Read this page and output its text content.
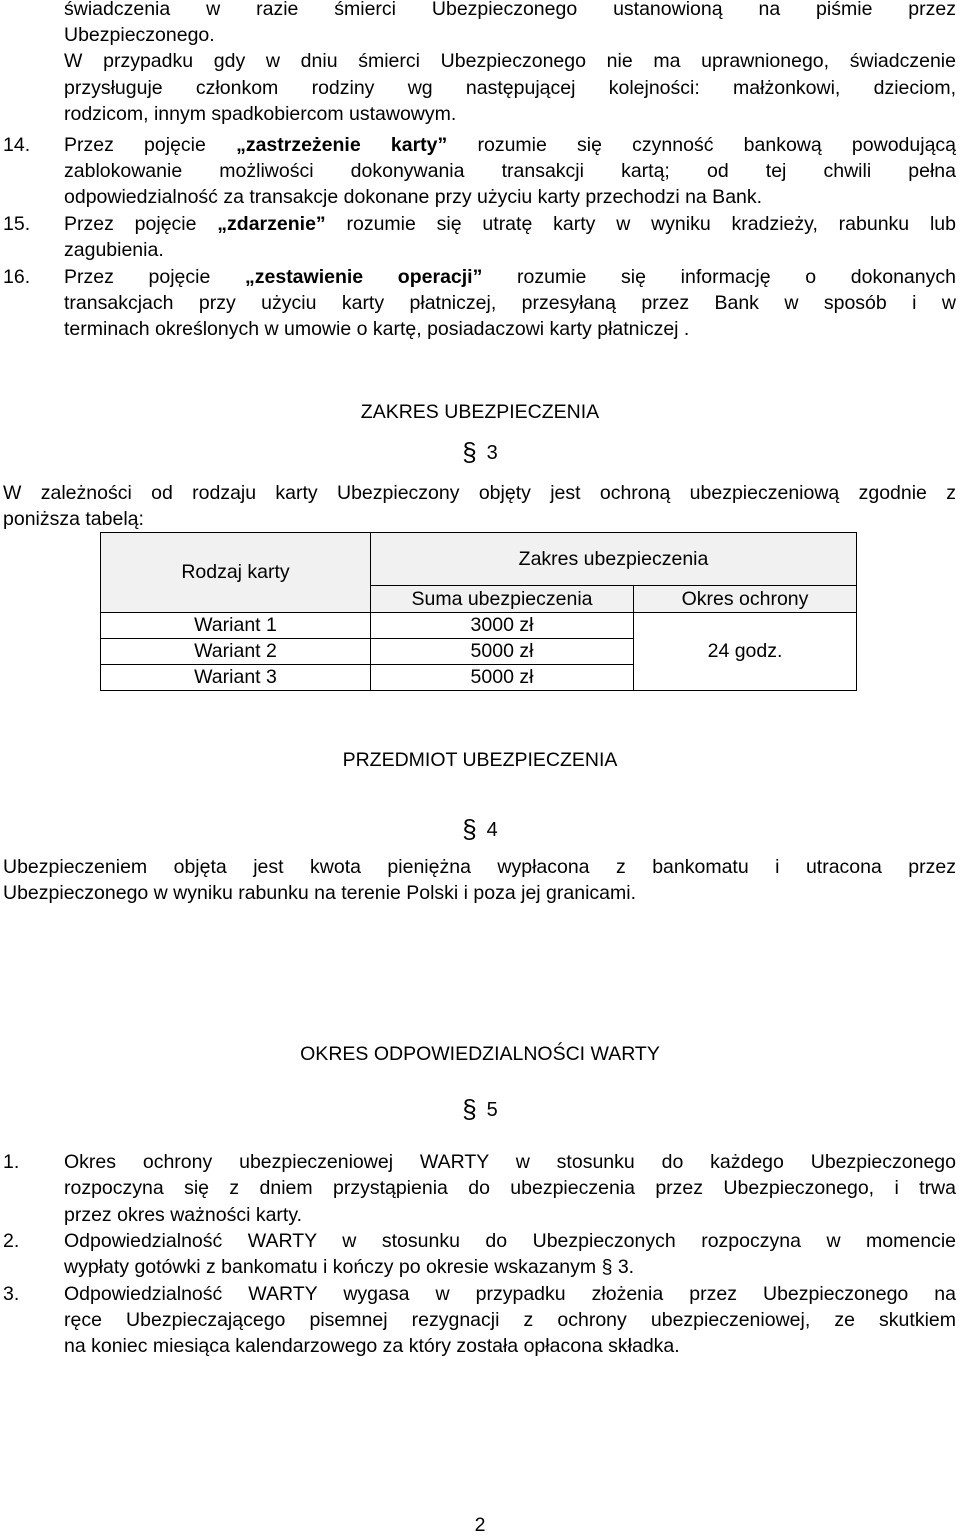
świadczenia w razie śmierci Ubezpieczonego ustanowioną na piśmie przez
Ubezpieczonego.
W przypadku gdy w dniu śmierci Ubezpieczonego nie ma uprawnionego, świadczenie
przysługuje członkom rodziny wg następującej kolejności: małżonkowi, dzieciom,
rodzicom, innym spadkobiercom ustawowym.
14. Przez pojęcie „zastrzeżenie karty” rozumie się czynność bankową powodującą
zablokowanie możliwości dokonywania transakcji kartą; od tej chwili pełna
odpowiedzialność za transakcje dokonane przy użyciu karty przechodzi na Bank.
15. Przez pojęcie „zdarzenie” rozumie się utratę karty w wyniku kradzieży, rabunku lub
zagubienia.
16. Przez pojęcie „zestawienie operacji” rozumie się informację o dokonanych
transakcjach przy użyciu karty płatniczej, przesyłaną przez Bank w sposób i w
terminach określonych w umowie o kartę, posiadaczowi karty płatniczej .
ZAKRES UBEZPIECZENIA
§ 3
W zależności od rodzaju karty Ubezpieczony objęty jest ochroną ubezpieczeniową zgodnie z
poniższa tabelą:
Rodzaj karty	Zakres ubezpieczenia	
	Suma ubezpieczenia	Okres ochrony
Wariant 1	3000 zł	24 godz.
Wariant 2	5000 zł	
Wariant 3	5000 zł	
PRZEDMIOT UBEZPIECZENIA
§ 4
Ubezpieczeniem objęta jest kwota pieniężna wypłacona z bankomatu i utracona przez
Ubezpieczonego w wyniku rabunku na terenie Polski i poza jej granicami.
OKRES ODPOWIEDZIALNOŚCI WARTY
§ 5
1. Okres ochrony ubezpieczeniowej WARTY w stosunku do każdego Ubezpieczonego
rozpoczyna się z dniem przystąpienia do ubezpieczenia przez Ubezpieczonego, i trwa
przez okres ważności karty.
2. Odpowiedzialność WARTY w stosunku do Ubezpieczonych rozpoczyna w momencie
wypłaty gotówki z bankomatu i kończy po okresie wskazanym § 3.
3. Odpowiedzialność WARTY wygasa w przypadku złożenia przez Ubezpieczonego na
ręce Ubezpieczającego pisemnej rezygnacji z ochrony ubezpieczeniowej, ze skutkiem
na koniec miesiąca kalendarzowego za który została opłacona składka.
2
